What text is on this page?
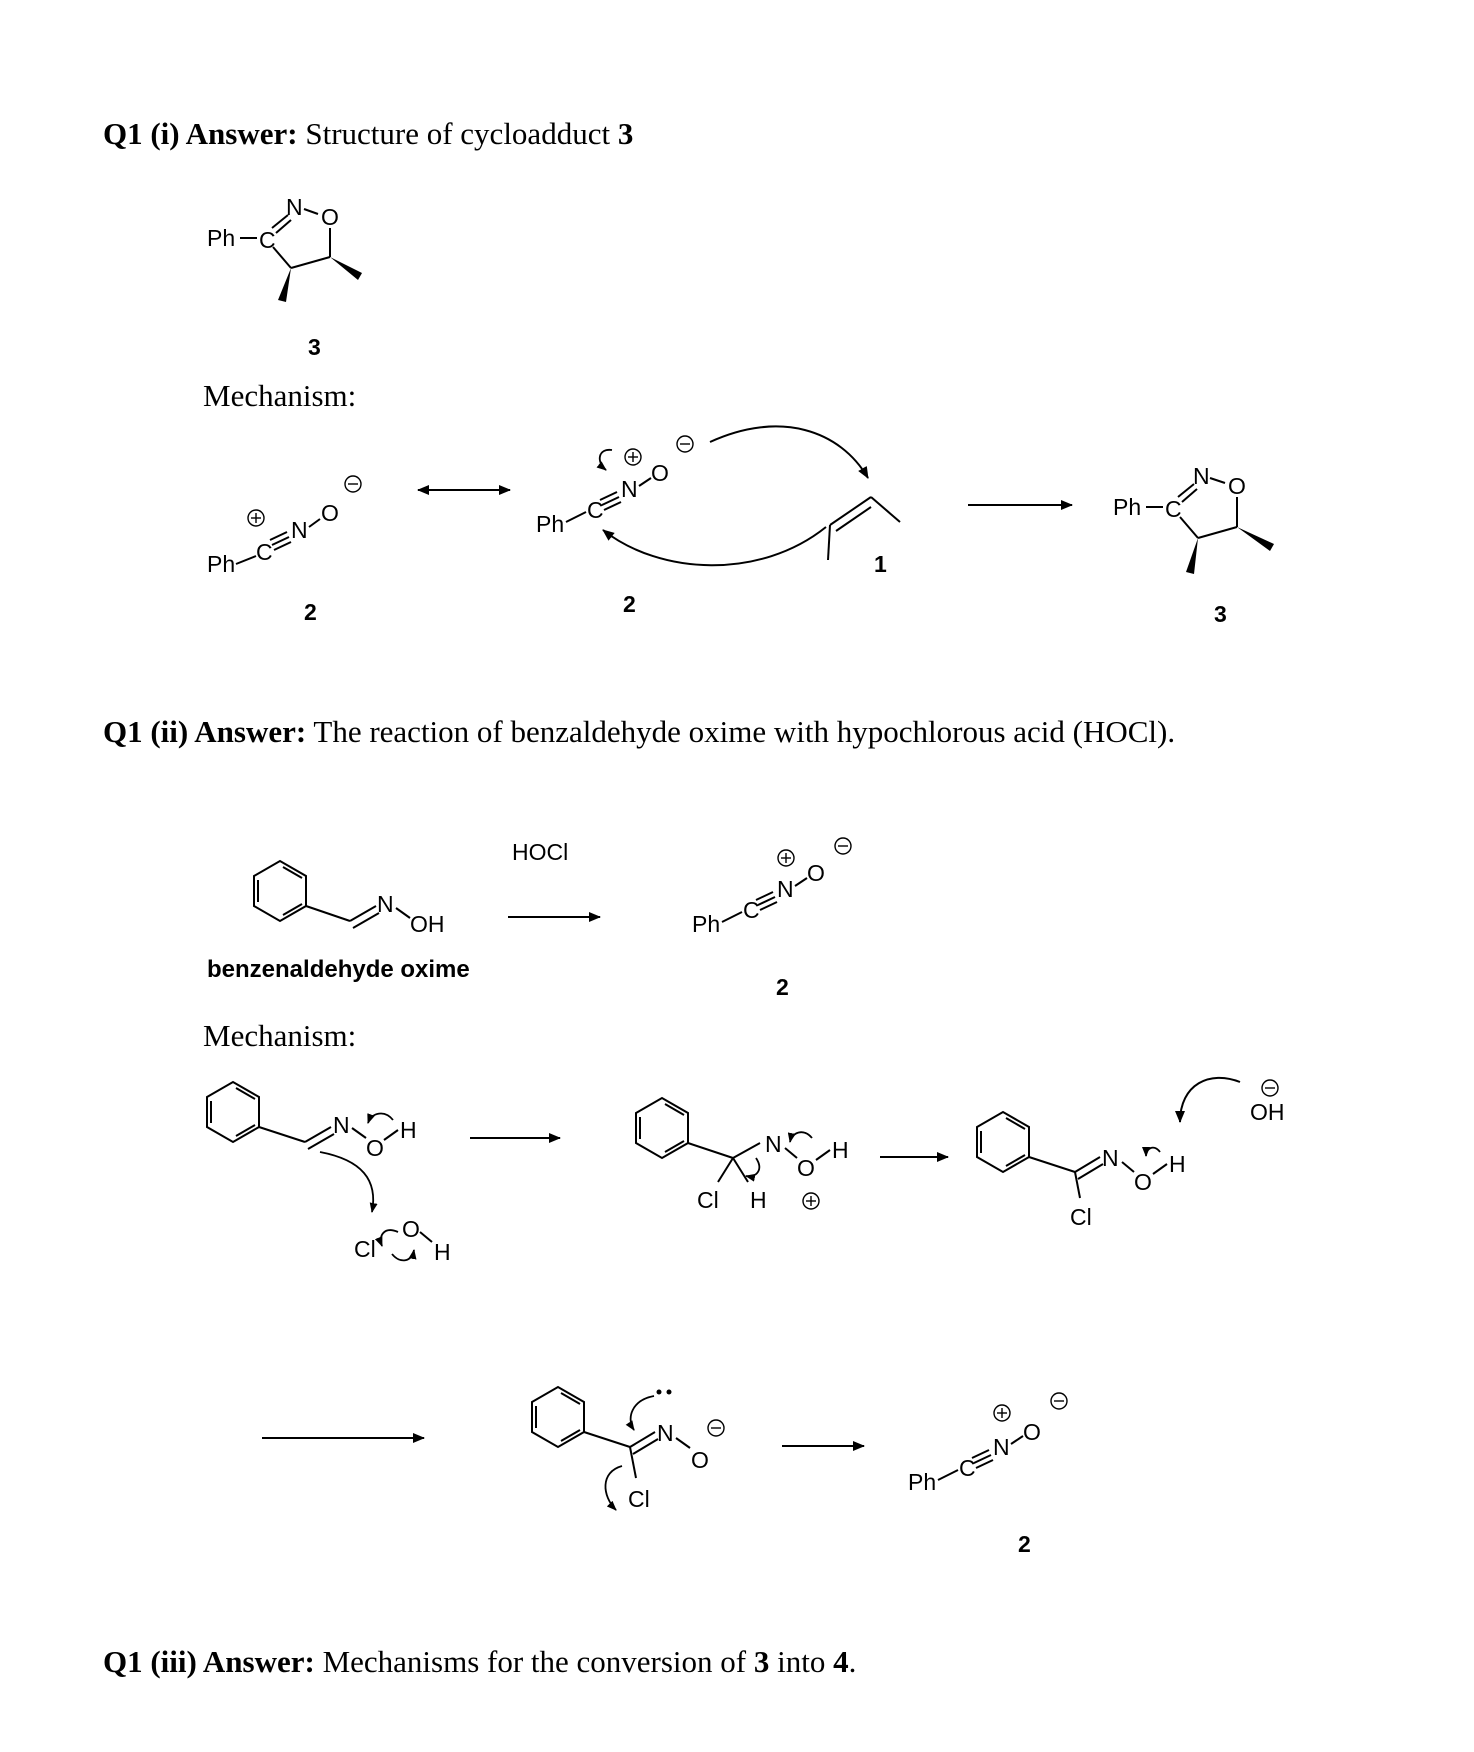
Q1 (i) Answer: Structure of cycloadduct 3
Mechanism:
Q1 (ii) Answer: The reaction of benzaldehyde oxime with hypochlorous acid (HOCl).
Mechanism:
Q1 (iii) Answer: Mechanisms for the conversion of 3 into 4.
Ph C
N O
3
Ph C
N
O
2
Ph
C
N
O
2
1
Ph C
N O
3
N
OH
benzenaldehyde oxime
HOCl
Ph
C
N
O
2
N
O
H
Cl
O
H
N
O
H
Cl H
N
O
H
Cl
OH
N
O
Cl
Ph
C
N
O
2
